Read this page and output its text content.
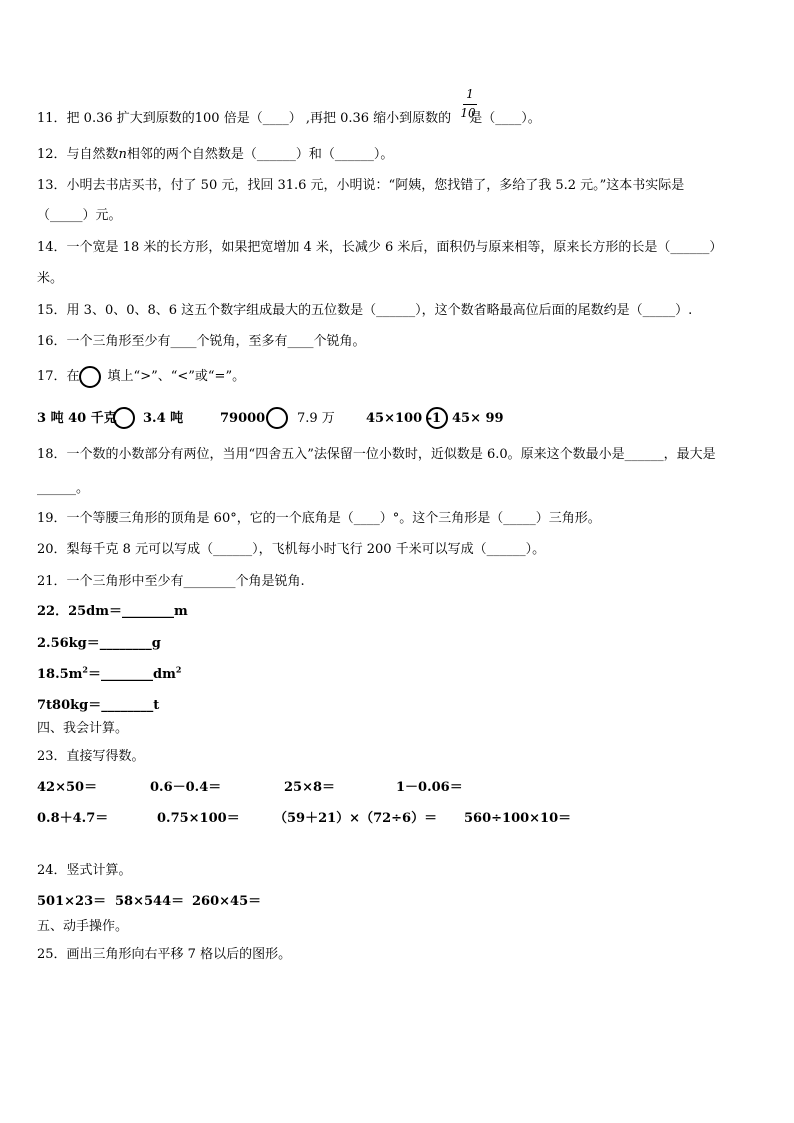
1
10
11．把 0.36 扩大到原数的100 倍是（____） ,再把 0.36 缩小到原数的 是（____）。
12．与自然数n相邻的两个自然数是（______）和（______）。
13．小明去书店买书，付了 50 元，找回 31.6 元，小明说：“阿姨，您找错了，多给了我 5.2 元。”这本书实际是
（_____）元。
14．一个宽是 18 米的长方形，如果把宽增加 4 米，长减少 6 米后，面积仍与原来相等，原来长方形的长是（______）
米。
15．用 3、0、0、8、6 这五个数字组成最大的五位数是（______），这个数省略最高位后面的尾数约是（_____）.
16．一个三角形至少有____个锐角，至多有____个锐角。
17．在 填上“>”、“<”或“=”。
3 吨 40 千克 3.4 吨	79000 7.9 万 45×100 -1 45× 99
18．一个数的小数部分有两位，当用“四舍五入”法保留一位小数时，近似数是 6.0。原来这个数最小是______，最大是
______。
19．一个等腰三角形的顶角是 60°，它的一个底角是（____）°。这个三角形是（_____）三角形。
20．梨每千克 8 元可以写成（______），飞机每小时飞行 200 千米可以写成（______）。
21．一个三角形中至少有________个角是锐角.
22．25dm＝________m
2.56kg＝________g
$18.5m^2=\_\_\_\_\_\_\_\_dm^2$
7t80kg＝________t
四、我会计算。
23．直接写得数。
42×50＝	0.6－0.4＝	25×8＝	1－0.06＝
0.8＋4.7＝	0.75×100＝	（59＋21）×（72÷6）＝ 560÷100×10＝
24．竖式计算。
501×23＝ 58×544＝ 260×45＝
五、动手操作。
25．画出三角形向右平移 7 格以后的图形。
